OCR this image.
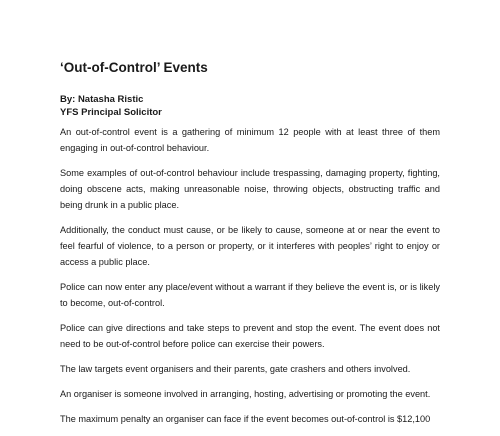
‘Out-of-Control’ Events
By: Natasha Ristic
YFS Principal Solicitor

An out-of-control event is a gathering of minimum 12 people with at least three of them engaging in out-of-control behaviour.

Some examples of out-of-control behaviour include trespassing, damaging property, fighting, doing obscene acts, making unreasonable noise, throwing objects, obstructing traffic and being drunk in a public place.

Additionally, the conduct must cause, or be likely to cause, someone at or near the event to feel fearful of violence, to a person or property, or it interferes with peoples’ right to enjoy or access a public place.

Police can now enter any place/event without a warrant if they believe the event is, or is likely to become, out-of-control.

Police can give directions and take steps to prevent and stop the event. The event does not need to be out-of-control before police can exercise their powers.

The law targets event organisers and their parents, gate crashers and others involved.

An organiser is someone involved in arranging, hosting, advertising or promoting the event.

The maximum penalty an organiser can face if the event becomes out-of-control is $12,100
